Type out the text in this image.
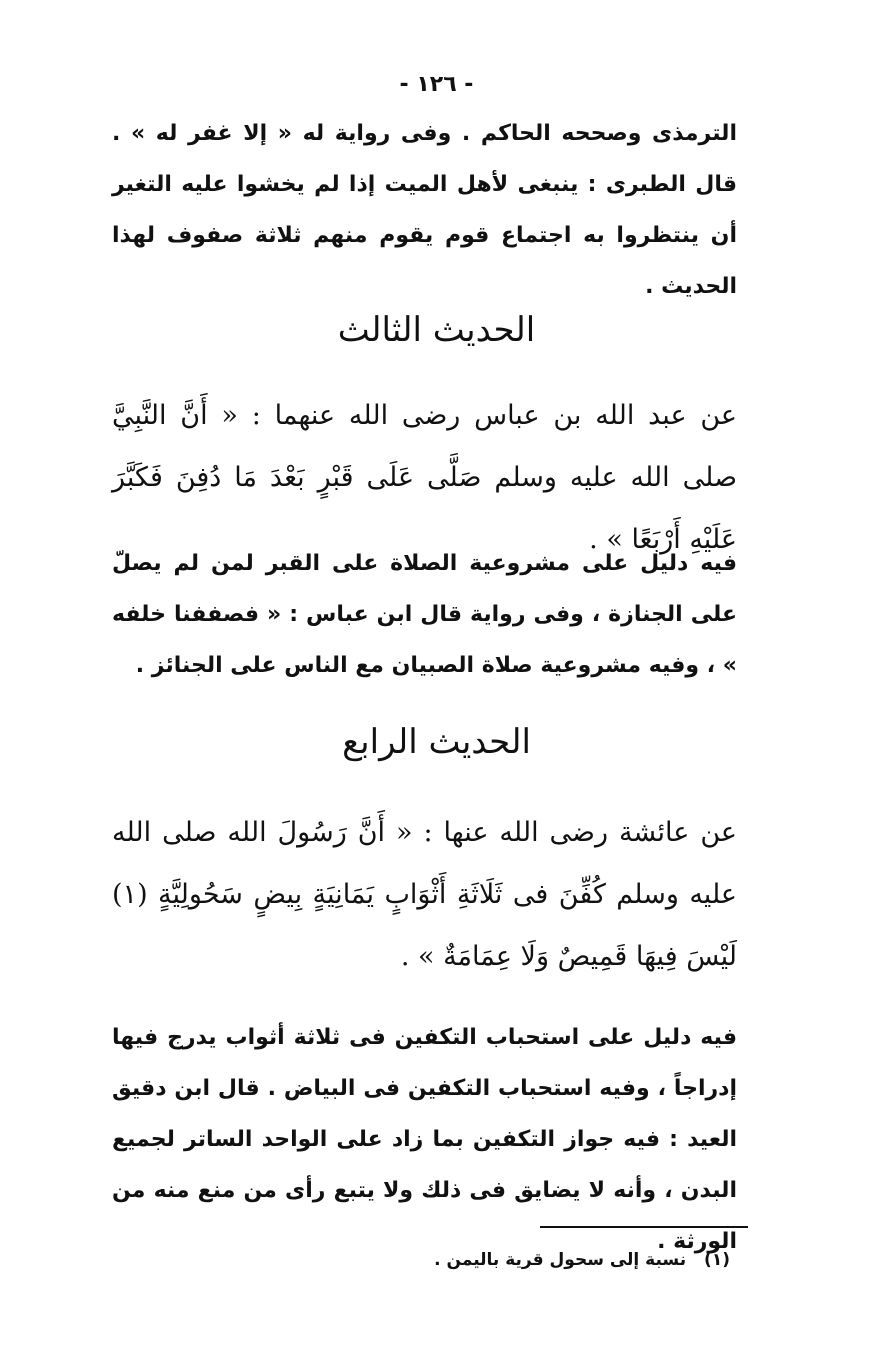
- ١٢٦ -

الترمذى وصححه الحاكم . وفى رواية له « إلا غفر له » . قال الطبرى : ينبغى لأهل الميت إذا لم يخشوا عليه التغير أن ينتظروا به اجتماع قوم يقوم منهم ثلاثة صفوف لهذا الحديث .

الحديث الثالث

عن عبد الله بن عباس رضى الله عنهما : « أَنَّ النَّبِيَّ صلى الله عليه وسلم صَلَّى عَلَى قَبْرٍ بَعْدَ مَا دُفِنَ فَكَبَّرَ عَلَيْهِ أَرْبَعًا » .

فيه دليل على مشروعية الصلاة على القبر لمن لم يصلّ على الجنازة ، وفى رواية قال ابن عباس : « فصففنا خلفه » ، وفيه مشروعية صلاة الصبيان مع الناس على الجنائز .

الحديث الرابع

عن عائشة رضى الله عنها : « أَنَّ رَسُولَ الله صلى الله عليه وسلم كُفِّنَ فى ثَلَاثَةِ أَثْوَابٍ يَمَانِيَةٍ بِيضٍ سَحُولِيَّةٍ (١) لَيْسَ فِيهَا قَمِيصٌ وَلَا عِمَامَةٌ » .

فيه دليل على استحباب التكفين فى ثلاثة أثواب يدرج فيها إدراجاً ، وفيه استحباب التكفين فى البياض . قال ابن دقيق العيد : فيه جواز التكفين بما زاد على الواحد الساتر لجميع البدن ، وأنه لا يضايق فى ذلك ولا يتبع رأى من منع منه من الورثة .

(١) نسبة إلى سحول قرية باليمن .
